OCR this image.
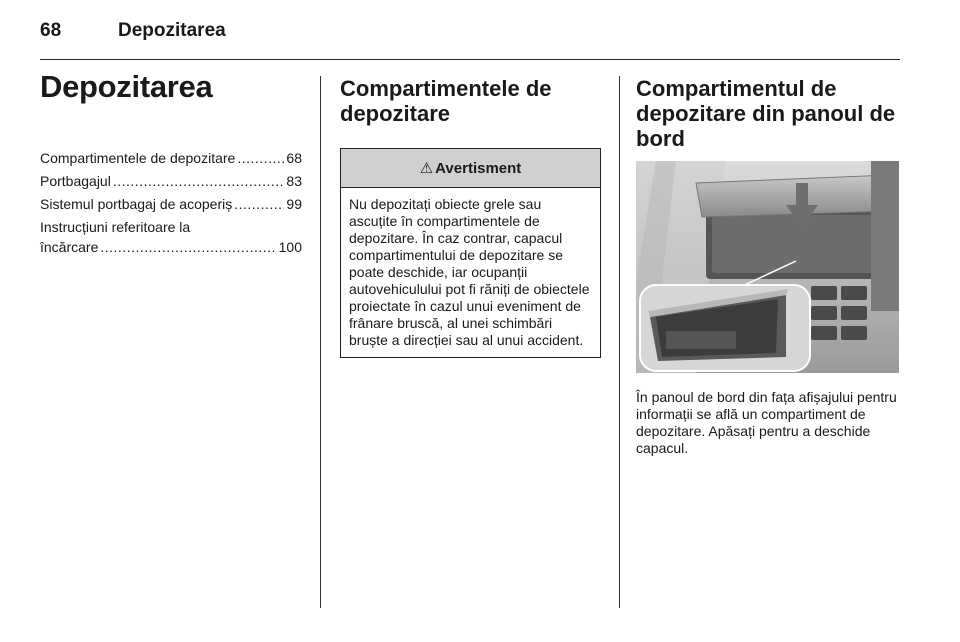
68	Depozitarea
Depozitarea
Compartimentele de depozitare .....	68
Portbagajul .....	83
Sistemul portbagaj de acoperiș .....	99
Instrucțiuni referitoare la
încărcare .....	100
Compartimentele de depozitare
⚠ Avertisment
Nu depozitați obiecte grele sau ascuțite în compartimentele de depozitare. În caz contrar, capacul compartimentului de depozitare se poate deschide, iar ocupanții autovehiculului pot fi răniți de obiectele proiectate în cazul unui eveniment de frânare bruscă, al unei schimbări bruște a direcției sau al unui accident.
Compartimentul de depozitare din panoul de bord
În panoul de bord din fața afișajului pentru informații se află un compartiment de depozitare. Apăsați pentru a deschide capacul.
